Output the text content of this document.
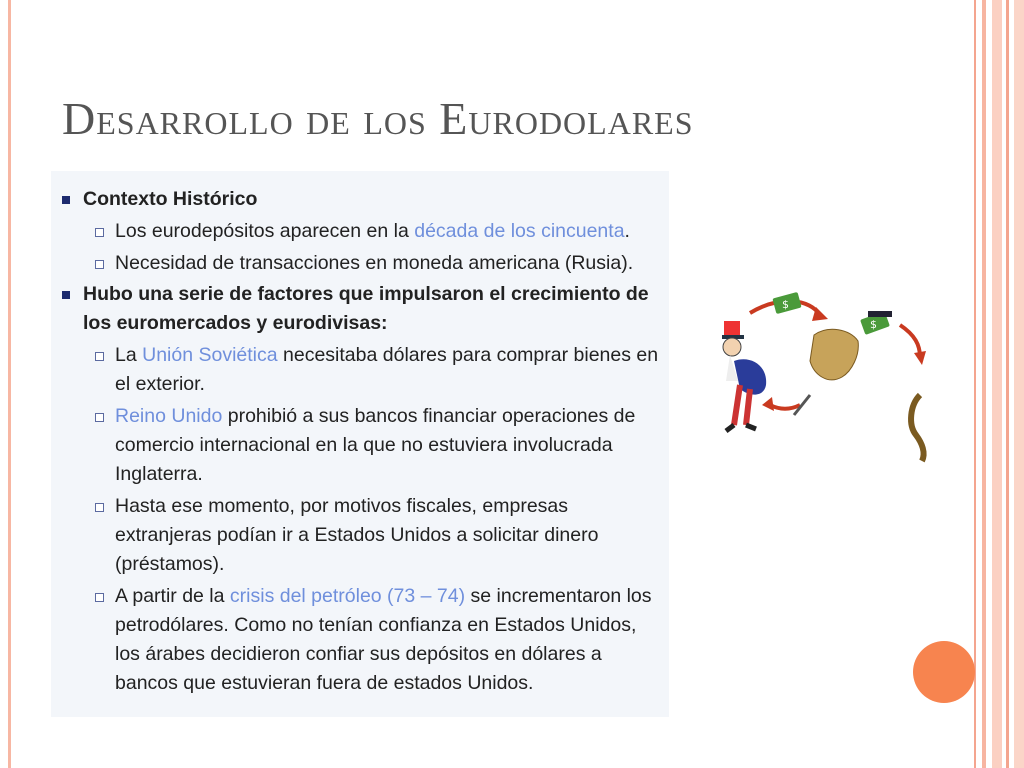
Desarrollo de los Eurodolares
Contexto Histórico
Los eurodepósitos aparecen en la década de los cincuenta.
Necesidad de transacciones en moneda americana (Rusia).
Hubo una serie de factores que impulsaron el crecimiento de los euromercados y eurodivisas:
La Unión Soviética necesitaba dólares para comprar bienes en el exterior.
Reino Unido prohibió a sus bancos financiar operaciones de comercio internacional en la que no estuviera involucrada Inglaterra.
Hasta ese momento, por motivos fiscales, empresas extranjeras podían ir a Estados Unidos a solicitar dinero (préstamos).
A partir de la crisis del petróleo (73 – 74) se incrementaron los petrodólares. Como no tenían confianza en Estados Unidos, los árabes decidieron confiar sus depósitos en dólares a bancos que estuvieran fuera de estados Unidos.
$
$
